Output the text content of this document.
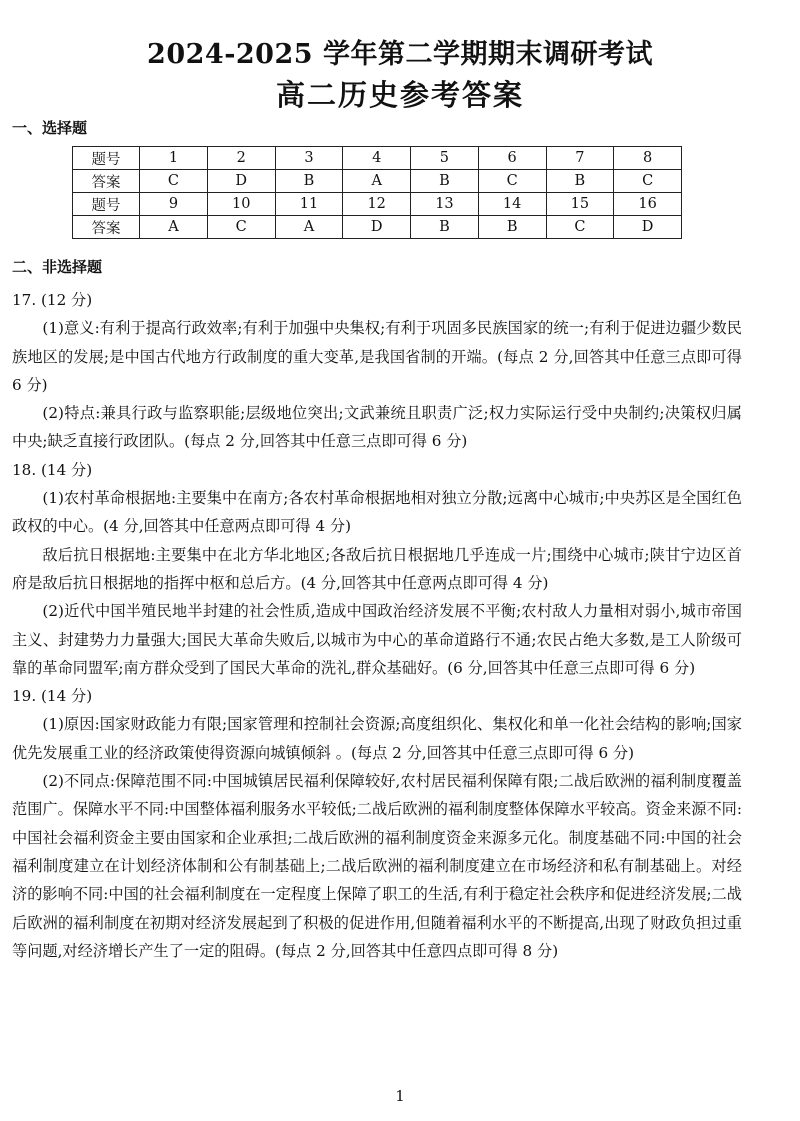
2024-2025 学年第二学期期末调研考试
高二历史参考答案
一、选择题
题号	1	2	3	4	5	6	7	8
答案	C	D	B	A	B	C	B	C
题号	9	10	11	12	13	14	15	16
答案	A	C	A	D	B	B	C	D
二、非选择题

17. (12 分)

(1)意义:有利于提高行政效率;有利于加强中央集权;有利于巩固多民族国家的统一;有利于促进边疆少数民族地区的发展;是中国古代地方行政制度的重大变革,是我国省制的开端。(每点 2 分,回答其中任意三点即可得 6 分)

(2)特点:兼具行政与监察职能;层级地位突出;文武兼统且职责广泛;权力实际运行受中央制约;决策权归属中央;缺乏直接行政团队。(每点 2 分,回答其中任意三点即可得 6 分)

18. (14 分)

(1)农村革命根据地:主要集中在南方;各农村革命根据地相对独立分散;远离中心城市;中央苏区是全国红色政权的中心。(4 分,回答其中任意两点即可得 4 分)

敌后抗日根据地:主要集中在北方华北地区;各敌后抗日根据地几乎连成一片;围绕中心城市;陕甘宁边区首府是敌后抗日根据地的指挥中枢和总后方。(4 分,回答其中任意两点即可得 4 分)

(2)近代中国半殖民地半封建的社会性质,造成中国政治经济发展不平衡;农村敌人力量相对弱小,城市帝国主义、封建势力力量强大;国民大革命失败后,以城市为中心的革命道路行不通;农民占绝大多数,是工人阶级可靠的革命同盟军;南方群众受到了国民大革命的洗礼,群众基础好。(6 分,回答其中任意三点即可得 6 分)

19. (14 分)

(1)原因:国家财政能力有限;国家管理和控制社会资源;高度组织化、集权化和单一化社会结构的影响;国家优先发展重工业的经济政策使得资源向城镇倾斜 。(每点 2 分,回答其中任意三点即可得 6 分)

(2)不同点:保障范围不同:中国城镇居民福利保障较好,农村居民福利保障有限;二战后欧洲的福利制度覆盖范围广。保障水平不同:中国整体福利服务水平较低;二战后欧洲的福利制度整体保障水平较高。资金来源不同:中国社会福利资金主要由国家和企业承担;二战后欧洲的福利制度资金来源多元化。制度基础不同:中国的社会福利制度建立在计划经济体制和公有制基础上;二战后欧洲的福利制度建立在市场经济和私有制基础上。对经济的影响不同:中国的社会福利制度在一定程度上保障了职工的生活,有利于稳定社会秩序和促进经济发展;二战后欧洲的福利制度在初期对经济发展起到了积极的促进作用,但随着福利水平的不断提高,出现了财政负担过重等问题,对经济增长产生了一定的阻碍。(每点 2 分,回答其中任意四点即可得 8 分)

1
